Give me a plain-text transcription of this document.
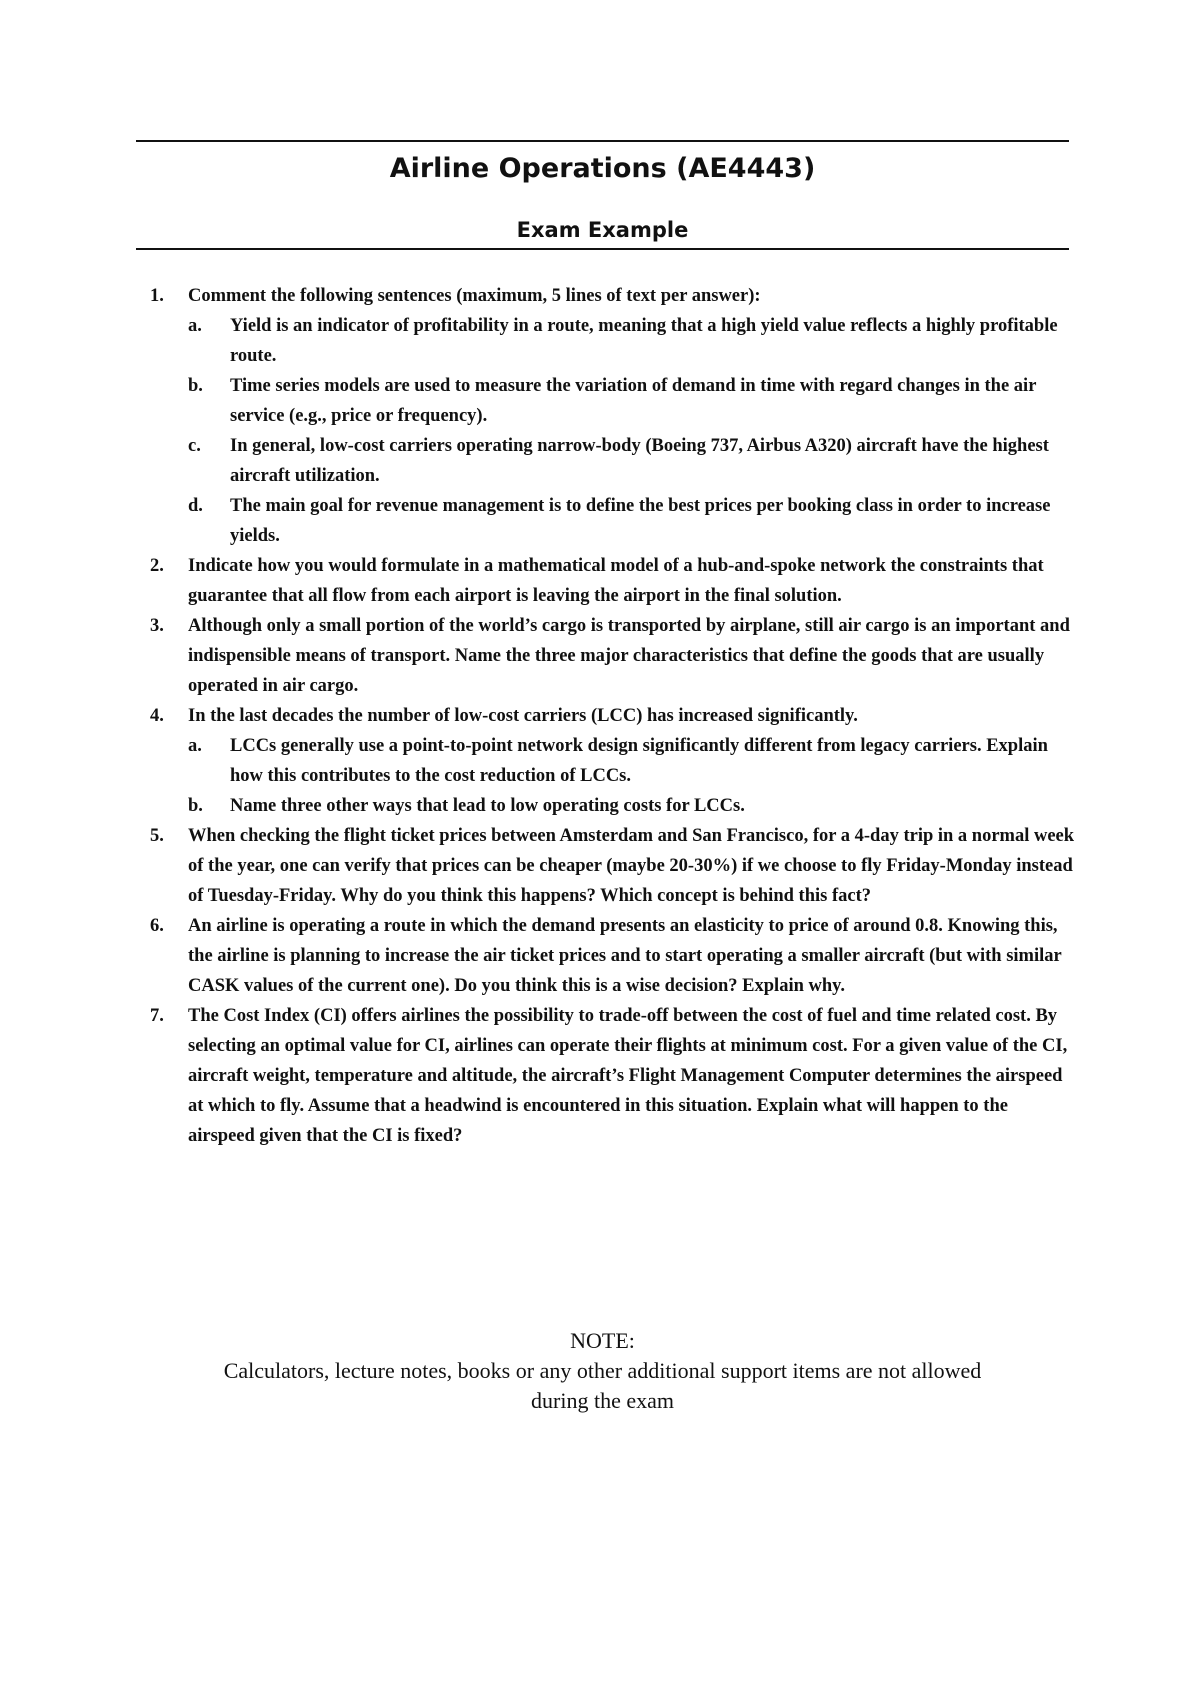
Airline Operations (AE4443)
Exam Example
1. Comment the following sentences (maximum, 5 lines of text per answer):
a. Yield is an indicator of profitability in a route, meaning that a high yield value reflects a highly profitable route.
b. Time series models are used to measure the variation of demand in time with regard changes in the air service (e.g., price or frequency).
c. In general, low-cost carriers operating narrow-body (Boeing 737, Airbus A320) aircraft have the highest aircraft utilization.
d. The main goal for revenue management is to define the best prices per booking class in order to increase yields.
2. Indicate how you would formulate in a mathematical model of a hub-and-spoke network the constraints that guarantee that all flow from each airport is leaving the airport in the final solution.
3. Although only a small portion of the world’s cargo is transported by airplane, still air cargo is an important and indispensible means of transport. Name the three major characteristics that define the goods that are usually operated in air cargo.
4. In the last decades the number of low-cost carriers (LCC) has increased significantly.
a. LCCs generally use a point-to-point network design significantly different from legacy carriers. Explain how this contributes to the cost reduction of LCCs.
b. Name three other ways that lead to low operating costs for LCCs.
5. When checking the flight ticket prices between Amsterdam and San Francisco, for a 4-day trip in a normal week of the year, one can verify that prices can be cheaper (maybe 20-30%) if we choose to fly Friday-Monday instead of Tuesday-Friday. Why do you think this happens? Which concept is behind this fact?
6. An airline is operating a route in which the demand presents an elasticity to price of around 0.8. Knowing this, the airline is planning to increase the air ticket prices and to start operating a smaller aircraft (but with similar CASK values of the current one). Do you think this is a wise decision? Explain why.
7. The Cost Index (CI) offers airlines the possibility to trade-off between the cost of fuel and time related cost. By selecting an optimal value for CI, airlines can operate their flights at minimum cost. For a given value of the CI, aircraft weight, temperature and altitude, the aircraft’s Flight Management Computer determines the airspeed at which to fly. Assume that a headwind is encountered in this situation. Explain what will happen to the airspeed given that the CI is fixed?
NOTE:
Calculators, lecture notes, books or any other additional support items are not allowed
during the exam
